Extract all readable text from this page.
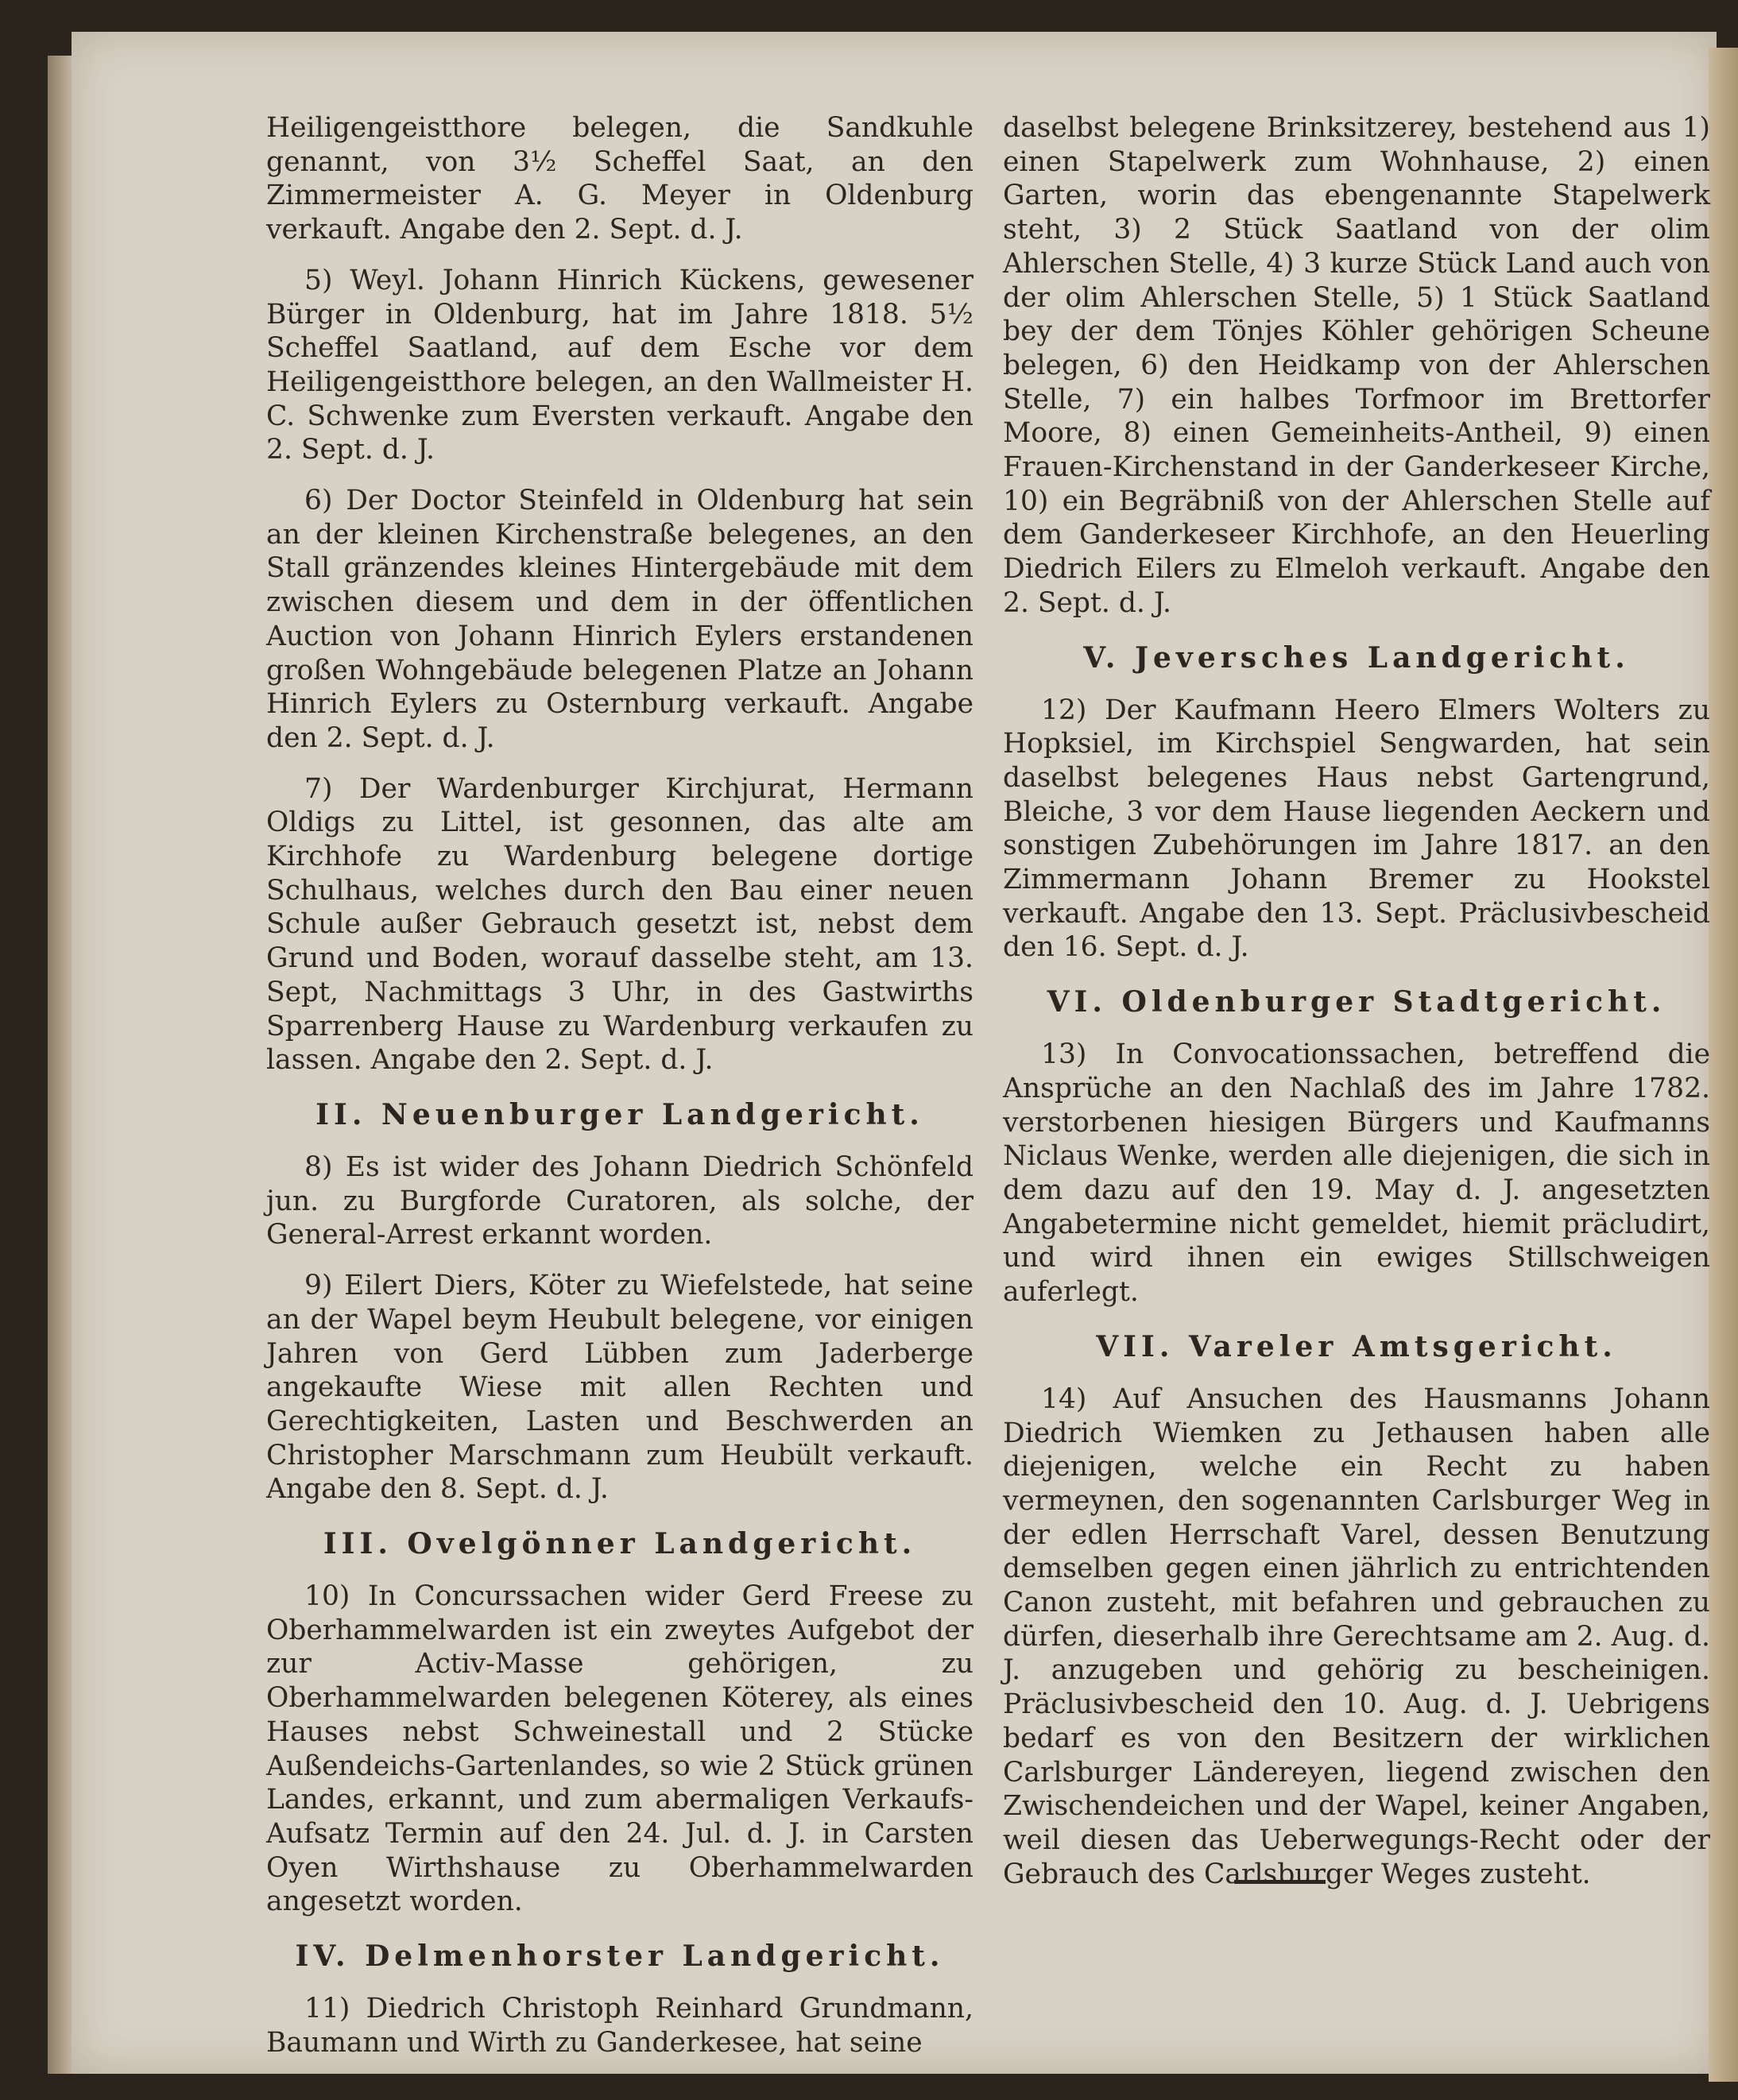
Heiligengeistthore belegen, die Sandkuhle genannt, von 3½ Scheffel Saat, an den Zimmermeister A. G. Meyer in Oldenburg verkauft. Angabe den 2. Sept. d. J.

5) Weyl. Johann Hinrich Kückens, gewesener Bürger in Oldenburg, hat im Jahre 1818. 5½ Scheffel Saatland, auf dem Esche vor dem Heiligengeistthore belegen, an den Wallmeister H. C. Schwenke zum Eversten verkauft. Angabe den 2. Sept. d. J.

6) Der Doctor Steinfeld in Oldenburg hat sein an der kleinen Kirchenstraße belegenes, an den Stall gränzendes kleines Hintergebäude mit dem zwischen diesem und dem in der öffentlichen Auction von Johann Hinrich Eylers erstandenen großen Wohngebäude belegenen Platze an Johann Hinrich Eylers zu Osternburg verkauft. Angabe den 2. Sept. d. J.

7) Der Wardenburger Kirchjurat, Hermann Oldigs zu Littel, ist gesonnen, das alte am Kirchhofe zu Wardenburg belegene dortige Schulhaus, welches durch den Bau einer neuen Schule außer Gebrauch gesetzt ist, nebst dem Grund und Boden, worauf dasselbe steht, am 13. Sept, Nachmittags 3 Uhr, in des Gastwirths Sparrenberg Hause zu Wardenburg verkaufen zu lassen. Angabe den 2. Sept. d. J.

II. Neuenburger Landgericht.

8) Es ist wider des Johann Diedrich Schönfeld jun. zu Burgforde Curatoren, als solche, der General-Arrest erkannt worden.

9) Eilert Diers, Köter zu Wiefelstede, hat seine an der Wapel beym Heubult belegene, vor einigen Jahren von Gerd Lübben zum Jaderberge angekaufte Wiese mit allen Rechten und Gerechtigkeiten, Lasten und Beschwerden an Christopher Marschmann zum Heubült verkauft. Angabe den 8. Sept. d. J.

III. Ovelgönner Landgericht.

10) In Concurssachen wider Gerd Freese zu Oberhammelwarden ist ein zweytes Aufgebot der zur Activ-Masse gehörigen, zu Oberhammelwarden belegenen Köterey, als eines Hauses nebst Schweinestall und 2 Stücke Außendeichs-Gartenlandes, so wie 2 Stück grünen Landes, erkannt, und zum abermaligen Verkaufs-Aufsatz Termin auf den 24. Jul. d. J. in Carsten Oyen Wirthshause zu Oberhammelwarden angesetzt worden.

IV. Delmenhorster Landgericht.

11) Diedrich Christoph Reinhard Grundmann, Baumann und Wirth zu Ganderkesee, hat seine

daselbst belegene Brinksitzerey, bestehend aus 1) einen Stapelwerk zum Wohnhause, 2) einen Garten, worin das ebengenannte Stapelwerk steht, 3) 2 Stück Saatland von der olim Ahlerschen Stelle, 4) 3 kurze Stück Land auch von der olim Ahlerschen Stelle, 5) 1 Stück Saatland bey der dem Tönjes Köhler gehörigen Scheune belegen, 6) den Heidkamp von der Ahlerschen Stelle, 7) ein halbes Torfmoor im Brettorfer Moore, 8) einen Gemeinheits-Antheil, 9) einen Frauen-Kirchenstand in der Ganderkeseer Kirche, 10) ein Begräbniß von der Ahlerschen Stelle auf dem Ganderkeseer Kirchhofe, an den Heuerling Diedrich Eilers zu Elmeloh verkauft. Angabe den 2. Sept. d. J.

V. Jeversches Landgericht.

12) Der Kaufmann Heero Elmers Wolters zu Hopksiel, im Kirchspiel Sengwarden, hat sein daselbst belegenes Haus nebst Gartengrund, Bleiche, 3 vor dem Hause liegenden Aeckern und sonstigen Zubehörungen im Jahre 1817. an den Zimmermann Johann Bremer zu Hookstel verkauft. Angabe den 13. Sept. Präclusivbescheid den 16. Sept. d. J.

VI. Oldenburger Stadtgericht.

13) In Convocationssachen, betreffend die Ansprüche an den Nachlaß des im Jahre 1782. verstorbenen hiesigen Bürgers und Kaufmanns Niclaus Wenke, werden alle diejenigen, die sich in dem dazu auf den 19. May d. J. angesetzten Angabetermine nicht gemeldet, hiemit präcludirt, und wird ihnen ein ewiges Stillschweigen auferlegt.

VII. Vareler Amtsgericht.

14) Auf Ansuchen des Hausmanns Johann Diedrich Wiemken zu Jethausen haben alle diejenigen, welche ein Recht zu haben vermeynen, den sogenannten Carlsburger Weg in der edlen Herrschaft Varel, dessen Benutzung demselben gegen einen jährlich zu entrichtenden Canon zusteht, mit befahren und gebrauchen zu dürfen, dieserhalb ihre Gerechtsame am 2. Aug. d. J. anzugeben und gehörig zu bescheinigen. Präclusivbescheid den 10. Aug. d. J. Uebrigens bedarf es von den Besitzern der wirklichen Carlsburger Ländereyen, liegend zwischen den Zwischendeichen und der Wapel, keiner Angaben, weil diesen das Ueberwegungs-Recht oder der Gebrauch des Carlsburger Weges zusteht.
